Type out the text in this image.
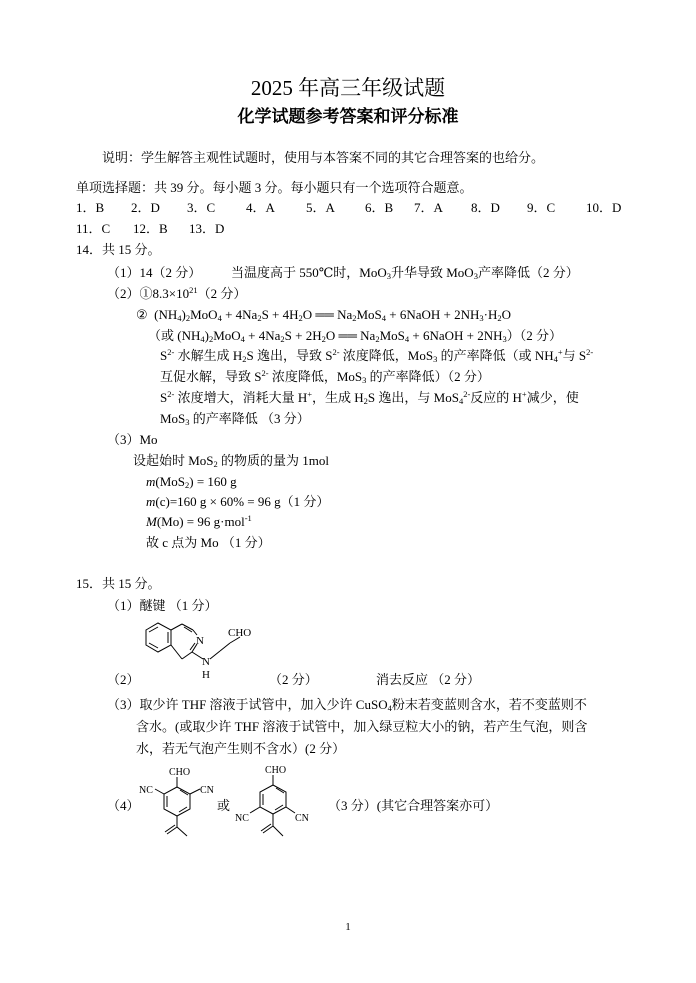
2025 年高三年级试题
化学试题参考答案和评分标准
说明：学生解答主观性试题时，使用与本答案不同的其它合理答案的也给分。
单项选择题：共 39 分。每小题 3 分。每小题只有一个选项符合题意。
1．B 2．D 3．C 4．A 5．A 6．B 7．A 8．D 9．C 10．D
11．C 12．B 13．D
14．共 15 分。
（1）14（2 分） 当温度高于 550℃时，MoO$_3$升华导致 MoO$_3$产率降低（2 分）
$(2)①8.3\times 10^{21}(2$ 分）
② $(NH_4)_2MoO_4 + 4Na_2S + 4H_2O$ ══ $Na_2MoS_4$ + 6NaOH + $2NH_3\cdot H_2O$
（或 $(NH_4)_2MoO_4 + 4Na_2S + 2H_2O$ ══ $Na_2MoS_4$ + 6NaOH + $2NH_3)(2$ 分）
$S^{2-}$ 水解生成 $H_2S$ 逸出，导致 $S^{2-}$ 浓度降低，MoS$_3$ 的产率降低（或 $NH_4^+$与 $S^{2-}$
互促水解，导致 $S^{2-}$ 浓度降低，MoS$_3$ 的产率降低）（2 分）
$S^{2-}$ 浓度增大，消耗大量 H+，生成 $H_2S$ 逸出，与 MoS$_4^{2-}$反应的 H+减少，使
MoS$_3$ 的产率降低 （3 分）
（3）Mo
设起始时 MoS$_2$ 的物质的量为 1mol
m(MoS$_2$) = 160 g
m(c)=160 g × 60% = 96 g（1 分）
M(Mo) = 96 g·mol$^{-1}$
故 c 点为 Mo （1 分）
15．共 15 分。
（1）醚键 （1 分）
N
N
H
CHO
（2）	（2 分）	消去反应 （2 分）
（3）取少许 THF 溶液于试管中，加入少许 CuSO$_4$粉末若变蓝则含水，若不变蓝则不
含水。(或取少许 THF 溶液于试管中，加入绿豆粒大小的钠，若产生气泡，则含
水，若无气泡产生则不含水）(2 分）
（4）
CHO
CN
NC
或
CHO
CN
NC
（3 分）(其它合理答案亦可）
1
